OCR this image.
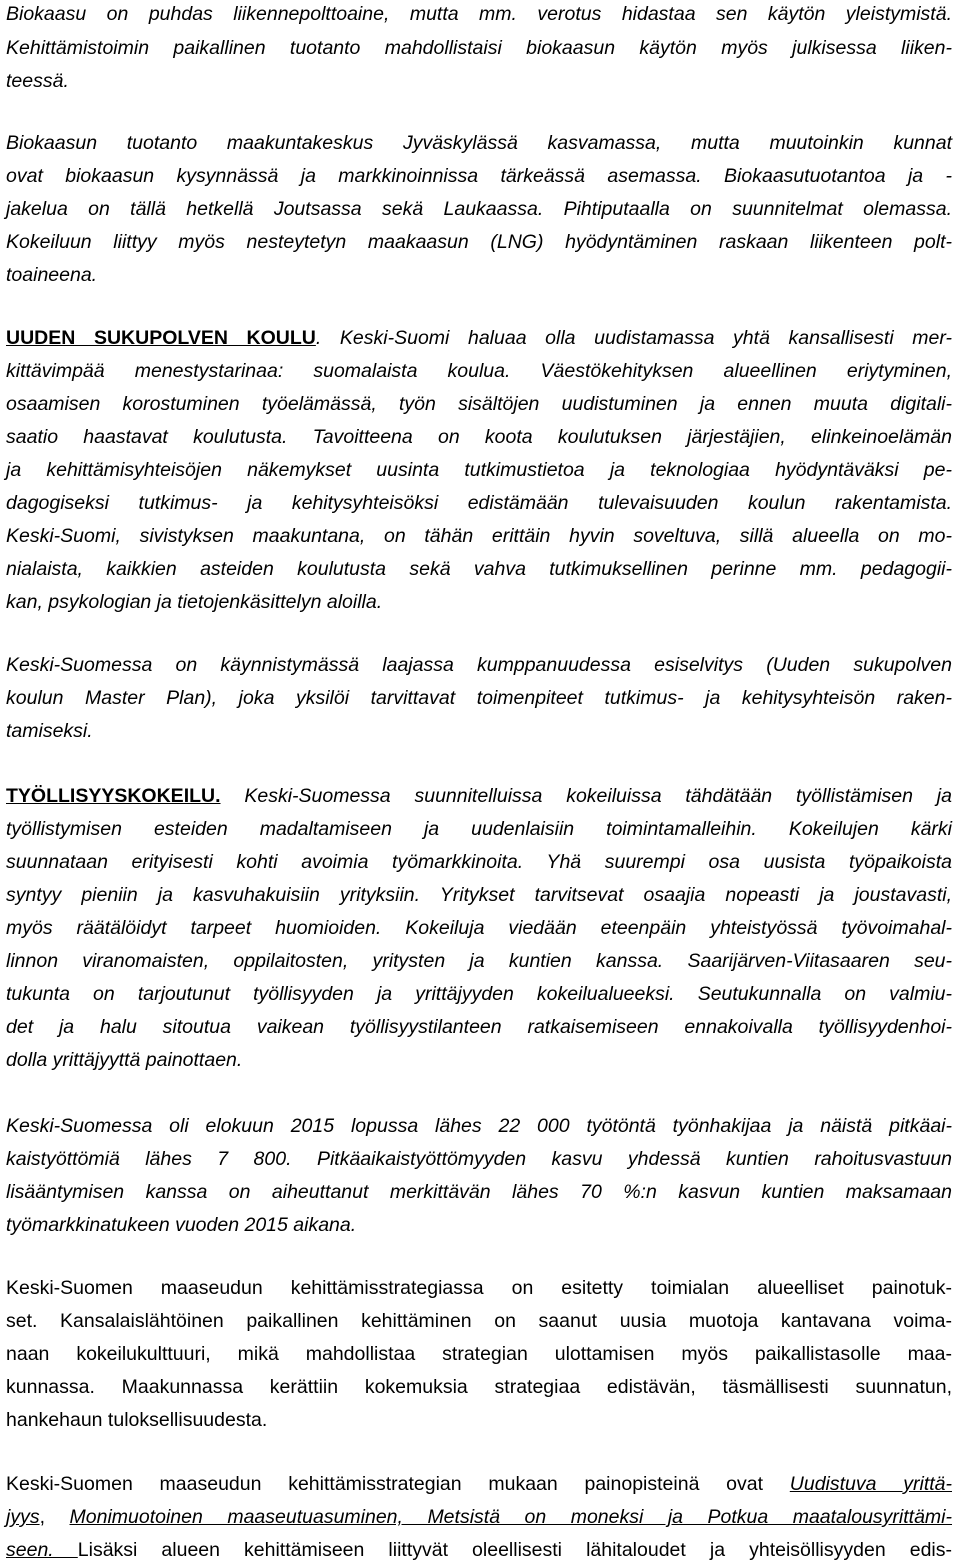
Biokaasu on puhdas liikennepolttoaine, mutta mm. verotus hidastaa sen käytön yleistymistä.

Kehittämistoimin paikallinen tuotanto mahdollistaisi biokaasun käytön myös julkisessa liiken-

teessä.

Biokaasun tuotanto maakuntakeskus Jyväskylässä kasvamassa, mutta muutoinkin kunnat

ovat biokaasun kysynnässä ja markkinoinnissa tärkeässä asemassa. Biokaasutuotantoa ja -

jakelua on tällä hetkellä Joutsassa sekä Laukaassa. Pihtiputaalla on suunnitelmat olemassa.

Kokeiluun liittyy myös nesteytetyn maakaasun (LNG) hyödyntäminen raskaan liikenteen polt-

toaineena.

UUDEN SUKUPOLVEN KOULU. Keski-Suomi haluaa olla uudistamassa yhtä kansallisesti mer-

kittävimpää menestystarinaa: suomalaista koulua. Väestökehityksen alueellinen eriytyminen,

osaamisen korostuminen työelämässä, työn sisältöjen uudistuminen ja ennen muuta digitali-

saatio haastavat koulutusta. Tavoitteena on koota koulutuksen järjestäjien, elinkeinoelämän

ja kehittämisyhteisöjen näkemykset uusinta tutkimustietoa ja teknologiaa hyödyntäväksi pe-

dagogiseksi tutkimus- ja kehitysyhteisöksi edistämään tulevaisuuden koulun rakentamista.

Keski-Suomi, sivistyksen maakuntana, on tähän erittäin hyvin soveltuva, sillä alueella on mo-

nialaista, kaikkien asteiden koulutusta sekä vahva tutkimuksellinen perinne mm. pedagogii-

kan, psykologian ja tietojenkäsittelyn aloilla.

Keski-Suomessa on käynnistymässä laajassa kumppanuudessa esiselvitys (Uuden sukupolven

koulun Master Plan), joka yksilöi tarvittavat toimenpiteet tutkimus- ja kehitysyhteisön raken-

tamiseksi.

TYÖLLISYYSKOKEILU. Keski-Suomessa suunnitelluissa kokeiluissa tähdätään työllistämisen ja

työllistymisen esteiden madaltamiseen ja uudenlaisiin toimintamalleihin. Kokeilujen kärki

suunnataan erityisesti kohti avoimia työmarkkinoita. Yhä suurempi osa uusista työpaikoista

syntyy pieniin ja kasvuhakuisiin yrityksiin. Yritykset tarvitsevat osaajia nopeasti ja joustavasti,

myös räätälöidyt tarpeet huomioiden. Kokeiluja viedään eteenpäin yhteistyössä työvoimahal-

linnon viranomaisten, oppilaitosten, yritysten ja kuntien kanssa. Saarijärven-Viitasaaren seu-

tukunta on tarjoutunut työllisyyden ja yrittäjyyden kokeilualueeksi. Seutukunnalla on valmiu-

det ja halu sitoutua vaikean työllisyystilanteen ratkaisemiseen ennakoivalla työllisyydenhoi-

dolla yrittäjyyttä painottaen.

Keski-Suomessa oli elokuun 2015 lopussa lähes 22 000 työtöntä työnhakijaa ja näistä pitkäai-

kaistyöttömiä lähes 7 800. Pitkäaikaistyöttömyyden kasvu yhdessä kuntien rahoitusvastuun

lisääntymisen kanssa on aiheuttanut merkittävän lähes 70 %:n kasvun kuntien maksamaan

työmarkkinatukeen vuoden 2015 aikana.

Keski-Suomen maaseudun kehittämisstrategiassa on esitetty toimialan alueelliset painotuk-

set. Kansalaislähtöinen paikallinen kehittäminen on saanut uusia muotoja kantavana voima-

naan kokeilukulttuuri, mikä mahdollistaa strategian ulottamisen myös paikallistasolle maa-

kunnassa. Maakunnassa kerättiin kokemuksia strategiaa edistävän, täsmällisesti suunnatun,

hankehaun tuloksellisuudesta.

Keski-Suomen maaseudun kehittämisstrategian mukaan painopisteinä ovat Uudistuva yrittä-

jyys, Monimuotoinen maaseutuasuminen, Metsistä on moneksi ja Potkua maatalousyrittämi-

seen. Lisäksi alueen kehittämiseen liittyvät oleellisesti lähitaloudet ja yhteisöllisyyden edis-
